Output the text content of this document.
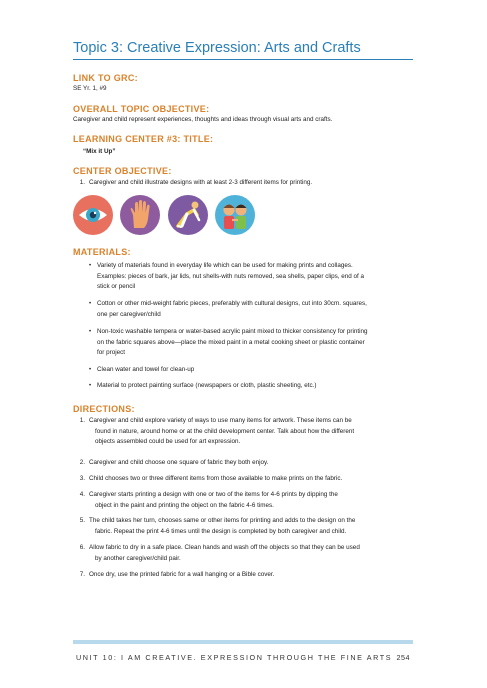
Topic 3: Creative Expression: Arts and Crafts
LINK TO GRC:
SE Yr. 1, #9
OVERALL TOPIC OBJECTIVE:
Caregiver and child represent experiences, thoughts and ideas through visual arts and crafts.
LEARNING CENTER #3: TITLE:
“Mix it Up”
CENTER OBJECTIVE:
1. Caregiver and child illustrate designs with at least 2-3 different items for printing.
MATERIALS:
• Variety of materials found in everyday life which can be used for making prints and collages.
Examples: pieces of bark, jar lids, nut shells-with nuts removed, sea shells, paper clips, end of a
stick or pencil
• Cotton or other mid-weight fabric pieces, preferably with cultural designs, cut into 30cm. squares,
one per caregiver/child
• Non-toxic washable tempera or water-based acrylic paint mixed to thicker consistency for printing
on the fabric squares above—place the mixed paint in a metal cooking sheet or plastic container
for project
• Clean water and towel for clean-up
• Material to protect painting surface (newspapers or cloth, plastic sheeting, etc.)
DIRECTIONS:
1. Caregiver and child explore variety of ways to use many items for artwork. These items can be
found in nature, around home or at the child development center. Talk about how the different
objects assembled could be used for art expression.
2. Caregiver and child choose one square of fabric they both enjoy.
3. Child chooses two or three different items from those available to make prints on the fabric.
4. Caregiver starts printing a design with one or two of the items for 4-6 prints by dipping the
object in the paint and printing the object on the fabric 4-6 times.
5. The child takes her turn, chooses same or other items for printing and adds to the design on the
fabric. Repeat the print 4-6 times until the design is completed by both caregiver and child.
6. Allow fabric to dry in a safe place. Clean hands and wash off the objects so that they can be used
by another caregiver/child pair.
7. Once dry, use the printed fabric for a wall hanging or a Bible cover.
UNIT 10: I AM CREATIVE. EXPRESSION THROUGH THE FINE ARTS 254
